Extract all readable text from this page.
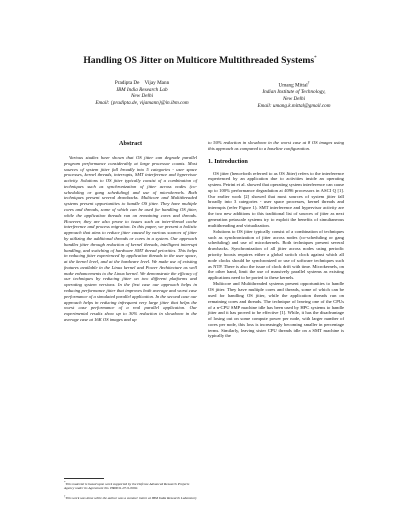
Handling OS Jitter on Multicore Multithreaded Systems*
Pradipta De    Vijay Mann
IBM India Research Lab
New Delhi
Email: {pradipta.de, vijamann}@in.ibm.com
Umang Mittal†
Indian Institute of Technology,
New Delhi
Email: umang.k.mittal@gmail.com
Abstract

Various studies have shown that OS jitter can degrade parallel program performance considerably at large processor counts. Most sources of system jitter fall broadly into 5 categories - user space processes, kernel threads, interrupts, SMT interference and hypervisor activity. Solutions to OS jitter typically consist of a combination of techniques such as synchronization of jitter across nodes (co-scheduling or gang scheduling) and use of microkernels. Both techniques present several drawbacks. Multicore and Multithreaded systems present opportunities to handle OS jitter. They have multiple cores and threads, some of which can be used for handling OS jitter, while the application threads run on remaining cores and threads. However, they are also prone to issues such as inter-thread cache interference and process migration. In this paper, we present a holistic approach that aims to reduce jitter caused by various sources of jitter by utilizing the additional threads or cores in a system. Our approach handles jitter through reduction of kernel threads, intelligent interrupt handling, and switching of hardware SMT thread priorities. This helps in reducing jitter experienced by application threads in the user space, at the kernel level, and at the hardware level. We make use of existing features available in the Linux kernel and Power Architecture as well make enhancements to the Linux kernel. We demonstrate the efficacy of our techniques by reducing jitter on two different platforms and operating system versions. In the first case our approach helps in reducing performance jitter that improves both average and worst case performance of a simulated parallel application. In the second case our approach helps in reducing infrequent very large jitter that helps the worst case performance of a real parallel application. Our experimental results show up to 30% reduction in slowdown in the average case at 16K OS images and up

to 50% reduction in slowdown in the worst case at 8 OS images using this approach as compared to a baseline configuration.

1. Introduction

OS jitter (henceforth referred to as OS Jitter) refers to the interference experienced by an application due to activities inside an operating system. Petrini et al. showed that operating system interference can cause up to 100% performance degradation at 4096 processors in ASCI Q [1]. Our earlier work [2] showed that most sources of system jitter fall broadly into 3 categories - user space processes, kernel threads and interrupts (refer Figure 1). SMT interference and hypervisor activity are the two new additions to this traditional list of sources of jitter as next generation petascale systems try to exploit the benefits of simultaneous multithreading and virtualization.

Solutions to OS jitter typically consist of a combination of techniques such as synchronization of jitter across nodes (co-scheduling or gang scheduling) and use of microkernels. Both techniques present several drawbacks. Synchronization of all jitter across nodes using periodic priority boosts requires either a global switch clock against which all node clocks should be synchronized or use of software techniques such as NTP. There is also the issue of clock drift with time. Microkernels, on the other hand, limit the use of massively parallel systems as existing applications need to be ported to these kernels.

Multicore and Multithreaded systems present opportunities to handle OS jitter. They have multiple cores and threads, some of which can be used for handling OS jitter, while the application threads run on remaining cores and threads. The technique of leaving one of the CPUs of a n-CPU SMP machine idle has been used by HPC systems to handle jitter and it has proved to be effective [1]. While, it has the disadvantage of losing out on some compute power per node, with larger number of cores per node, this loss is increasingly becoming smaller in percentage terms. Similarly, leaving sister CPU threads idle on a SMT machine is typically the

*This material is based upon work supported by the Defense Advanced Research Projects Agency under its Agreement No. HR0011-07-9-0002.
†This work was done while the author was a summer intern at IBM India Research Laboratory
